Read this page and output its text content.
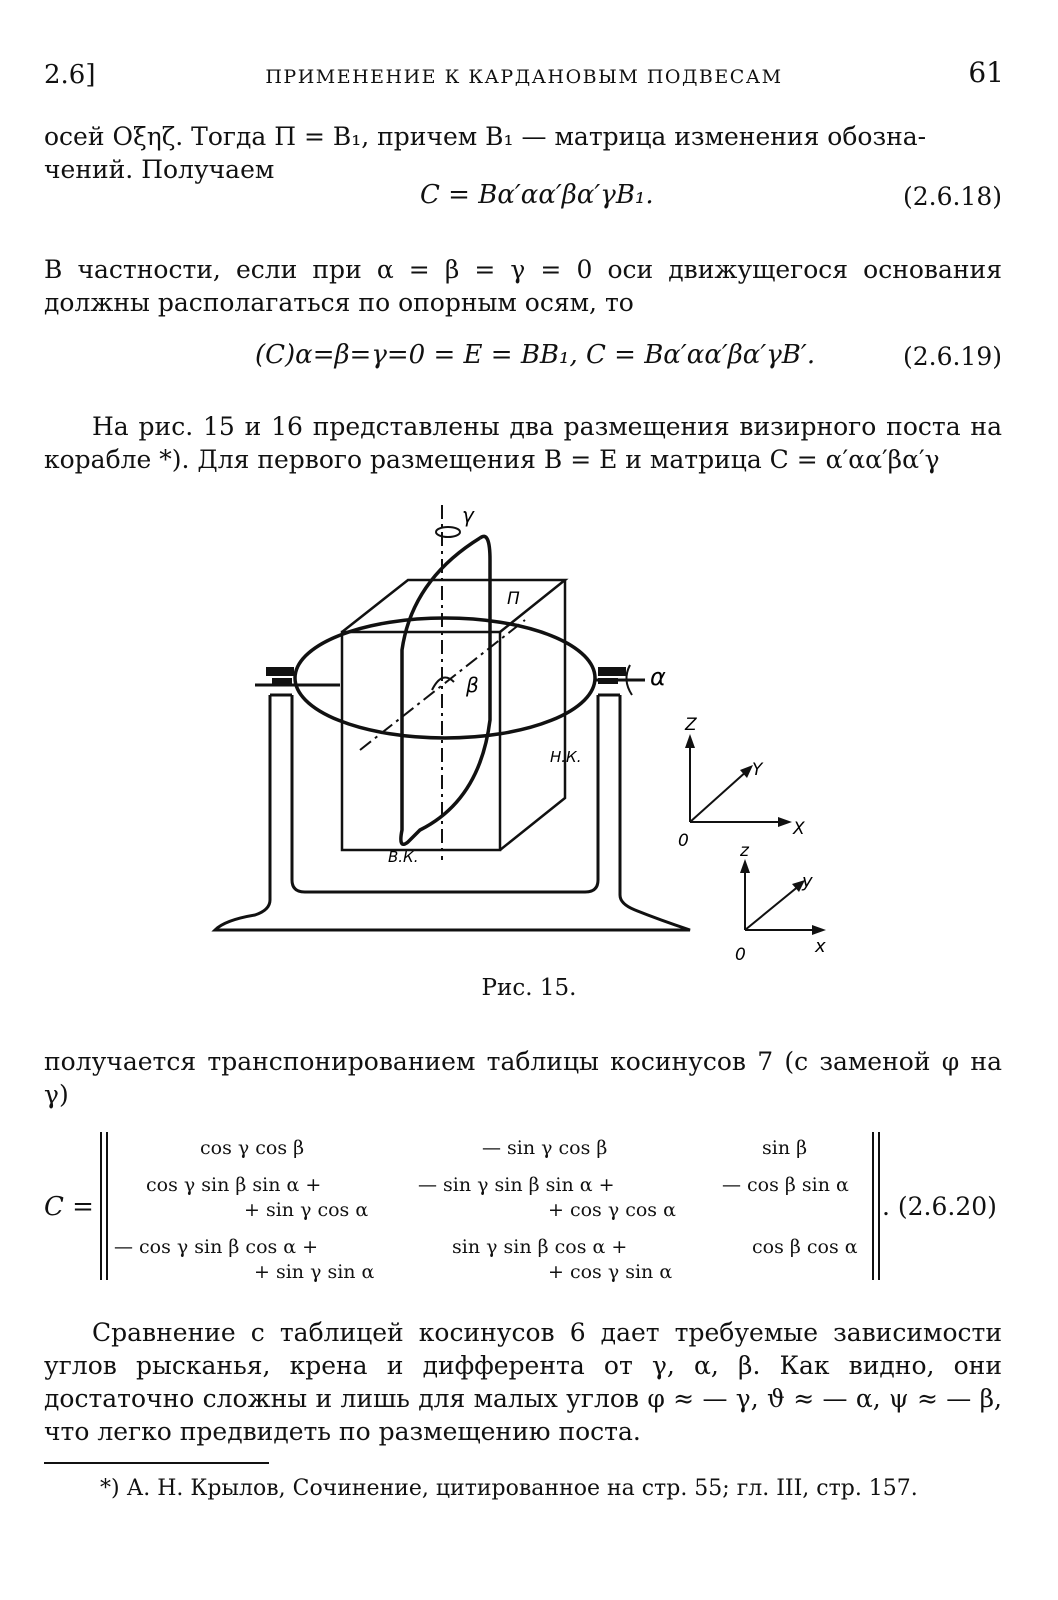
2.6]	ПРИМЕНЕНИЕ К КАРДАНОВЫМ ПОДВЕСАМ	61
осей Oξηζ. Тогда Π = B₁, причем B₁ — матрица изменения обозна-
чений. Получаем
C = Bα′αα′βα′γB₁.	(2.6.18)
В частности, если при α = β = γ = 0 оси движущегося основания должны располагаться по опорным осям, то
(C)α=β=γ=0 = E = BB₁, C = Bα′αα′βα′γB′.	(2.6.19)
На рис. 15 и 16 представлены два размещения визирного поста на корабле *). Для первого размещения B = E и матрица C = α′αα′βα′γ
γ
β	α
П
Н.К.
В.К.
Z
Y
X
0	z
y
x
0
Рис. 15.
получается транспонированием таблицы косинусов 7 (с заменой φ на γ)
C =
cos γ cos β	— sin γ cos β	sin β
cos γ sin β sin α +	— sin γ sin β sin α +	— cos β sin α
+ sin γ cos α	+ cos γ cos α
— cos γ sin β cos α +	sin γ sin β cos α +	cos β cos α
+ sin γ sin α	+ cos γ sin α
. (2.6.20)
Сравнение с таблицей косинусов 6 дает требуемые зависимости углов рысканья, крена и дифферента от γ, α, β. Как видно, они достаточно сложны и лишь для малых углов φ ≈ — γ, ϑ ≈ — α, ψ ≈ — β, что легко предвидеть по размещению поста.
*) А. Н. Крылов, Сочинение, цитированное на стр. 55; гл. III, стр. 157.
